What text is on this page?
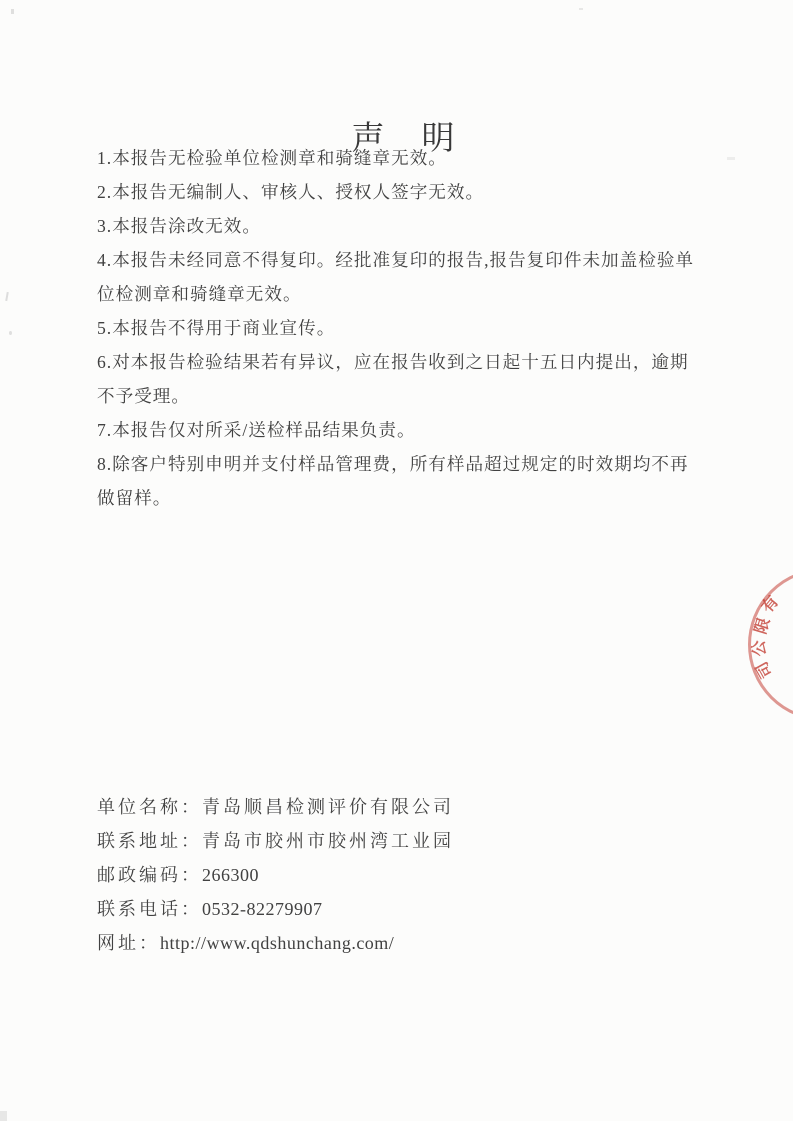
声　明

1.本报告无检验单位检测章和骑缝章无效。

2.本报告无编制人、审核人、授权人签字无效。

3.本报告涂改无效。

4.本报告未经同意不得复印。经批准复印的报告,报告复印件未加盖检验单位检测章和骑缝章无效。

5.本报告不得用于商业宣传。

6.对本报告检验结果若有异议，应在报告收到之日起十五日内提出，逾期不予受理。

7.本报告仅对所采/送检样品结果负责。

8.除客户特别申明并支付样品管理费，所有样品超过规定的时效期均不再做留样。

单位名称：青岛顺昌检测评价有限公司
联系地址：青岛市胶州市胶州湾工业园
邮政编码：266300
联系电话：0532-82279907
网址：http://www.qdshunchang.com/
有
限
公
司
